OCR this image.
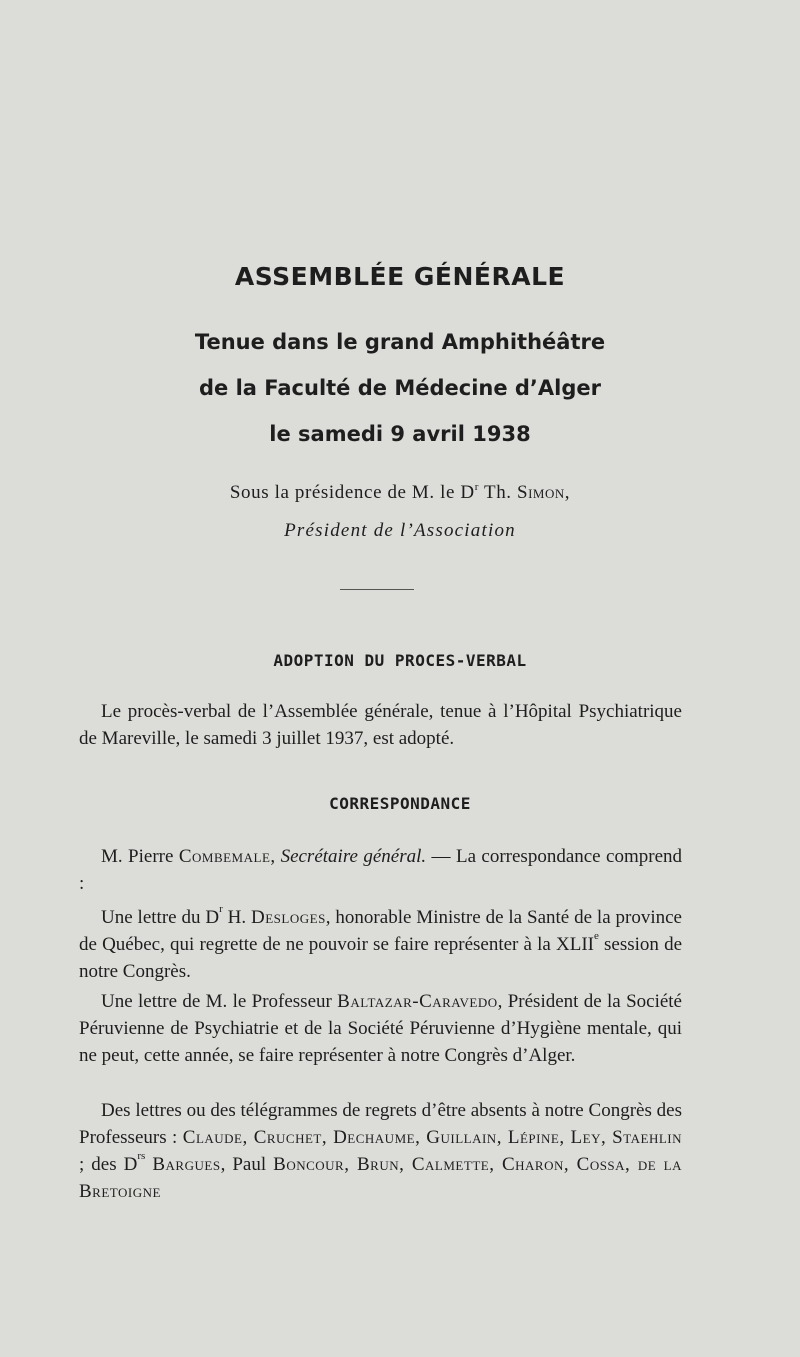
ASSEMBLÉE GÉNÉRALE
Tenue dans le grand Amphithéâtre
de la Faculté de Médecine d’Alger
le samedi 9 avril 1938
Sous la présidence de M. le $D^r$ Th. Simon,
Président de l’Association
ADOPTION DU PROCES-VERBAL
Le procès-verbal de l’Assemblée générale, tenue à l’Hôpital Psychiatrique de Mareville, le samedi 3 juillet 1937, est adopté.
CORRESPONDANCE
M. Pierre Combemale, Secrétaire général. — La correspondance comprend :
Une lettre du $D^r$ H. Desloges, honorable Ministre de la Santé de la province de Québec, qui regrette de ne pouvoir se faire représenter à la XLIIe session de notre Congrès.
Une lettre de M. le Professeur Baltazar-Caravedo, Président de la Société Péruvienne de Psychiatrie et de la Société Péruvienne d’Hygiène mentale, qui ne peut, cette année, se faire représenter à notre Congrès d’Alger.
Des lettres ou des télégrammes de regrets d’être absents à notre Congrès des Professeurs : Claude, Cruchet, Dechaume, Guillain, Lépine, Ley, Staehlin ; des $D^{rs}$ Bargues, Paul Boncour, Brun, Calmette, Charon, Cossa, de la Bretoigne
